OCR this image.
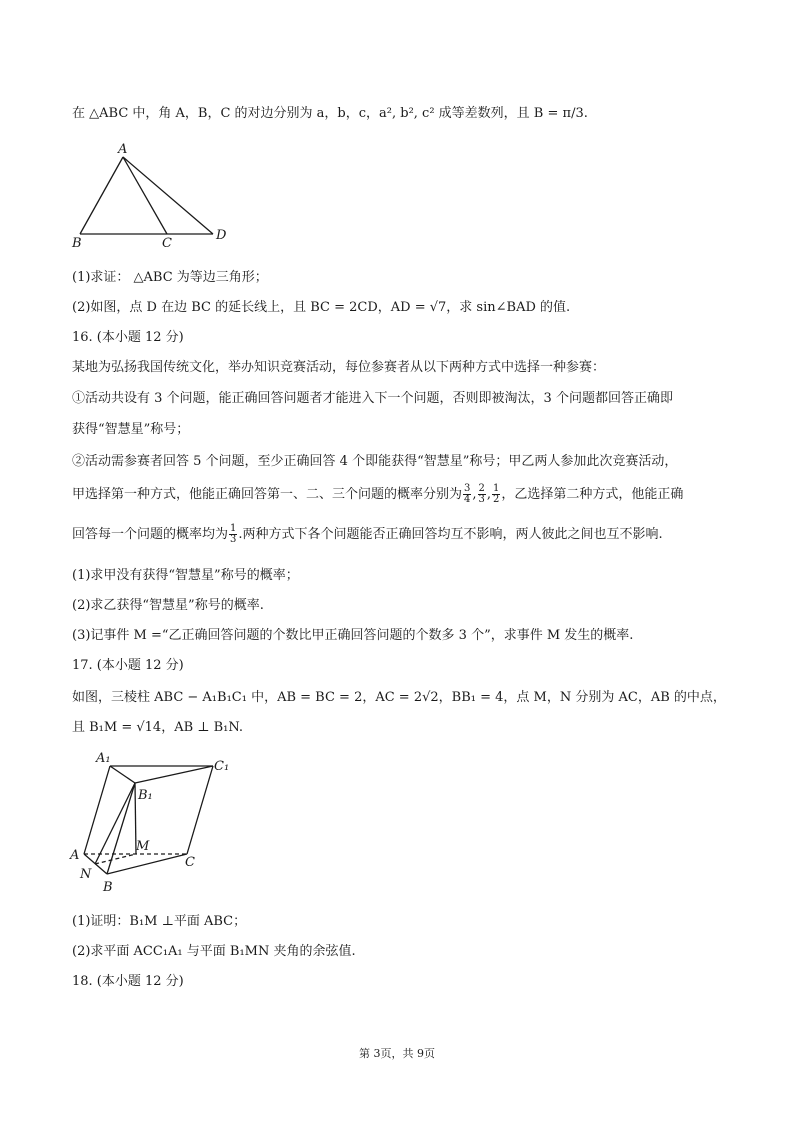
在 △ABC 中，角 A，B，C 的对边分别为 a，b，c，a², b², c² 成等差数列，且 B = π/3.
A
B	C
D
(1)求证： △ABC 为等边三角形；
(2)如图，点 D 在边 BC 的延长线上，且 BC = 2CD，AD = √7，求 sin∠BAD 的值.
16. (本小题 12 分)
某地为弘扬我国传统文化，举办知识竞赛活动，每位参赛者从以下两种方式中选择一种参赛：
①活动共设有 3 个问题，能正确回答问题者才能进入下一个问题，否则即被淘汰，3 个问题都回答正确即
获得“智慧星”称号；
②活动需参赛者回答 5 个问题，至少正确回答 4 个即能获得“智慧星”称号；甲乙两人参加此次竞赛活动，
甲选择第一种方式，他能正确回答第一、二、三个问题的概率分别为 $\frac{3}{4}$ , $\frac{2}{3}$ , $\frac{1}{2}$ ，乙选择第二种方式，他能正确
回答每一个问题的概率均为 $\frac{1}{3}$ .两种方式下各个问题能否正确回答均互不影响，两人彼此之间也互不影响.
(1)求甲没有获得“智慧星”称号的概率；
(2)求乙获得“智慧星”称号的概率.
(3)记事件 M =“乙正确回答问题的个数比甲正确回答问题的个数多 3 个”，求事件 M 发生的概率.
17. (本小题 12 分)
如图，三棱柱 ABC − A₁B₁C₁ 中，AB = BC = 2，AC = 2√2，BB₁ = 4，点 M，N 分别为 AC，AB 的中点，
且 B₁M = √14，AB ⊥ B₁N.
A₁
C₁
B₁
M
A	C
N
B
(1)证明：B₁M ⊥平面 ABC；
(2)求平面 ACC₁A₁ 与平面 B₁MN 夹角的余弦值.
18. (本小题 12 分)
第 3页，共 9页
